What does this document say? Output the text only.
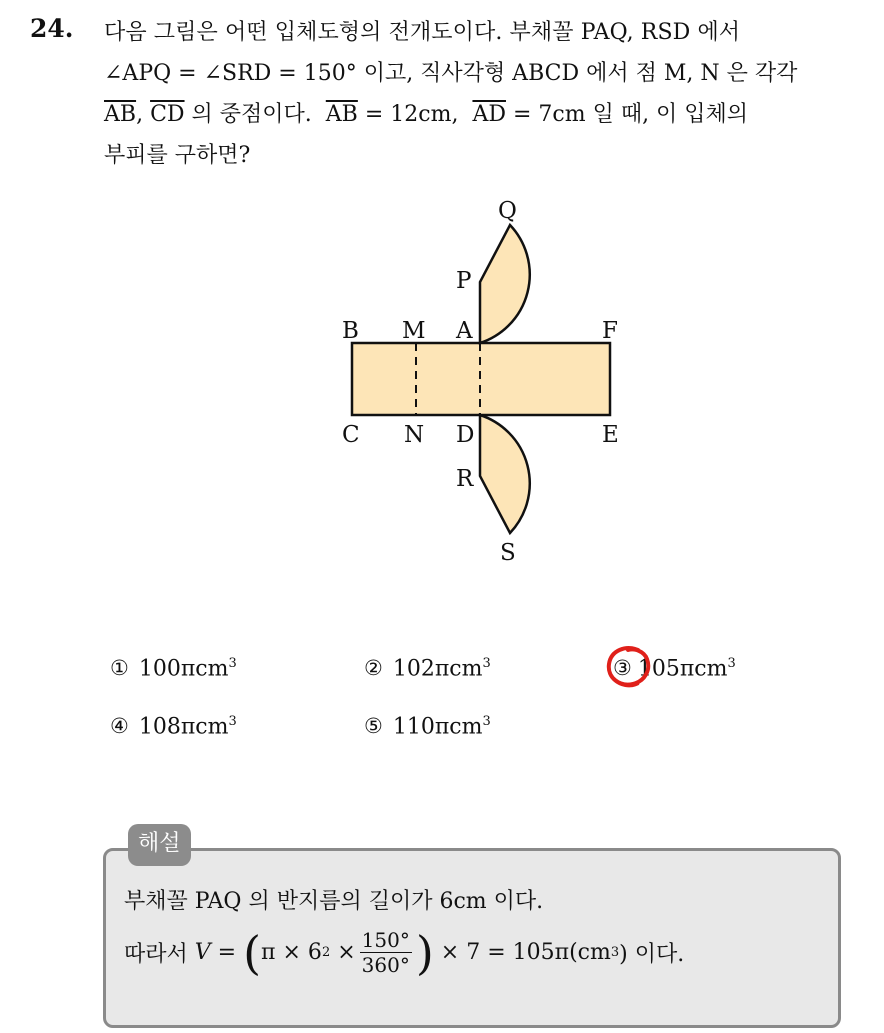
24. 다음 그림은 어떤 입체도형의 전개도이다. 부채꼴 PAQ, RSD 에서
∠APQ = ∠SRD = 150° 이고, 직사각형 ABCD 에서 점 M, N 은 각각
$\overline{AB}$, $\overline{CD}$ 의 중점이다. $\overline{AB} = 12cm$, $\overline{AD} = 7cm$ 일 때, 이 입체의
부피를 구하면?
Q
P
B M A	F
C N D	E
R
S
① 100πcm$^3$	② 102πcm$^3$	③ 105πcm$^3$
④ 108πcm$^3$	⑤ 110πcm$^3$
해설
부채꼴 PAQ 의 반지름의 길이가 6cm 이다.
따라서
V
=
( π × 6 2
× $\frac{150^\circ}{360^\circ}$ )
× 7 = 105π(cm 3 ) 이다.
